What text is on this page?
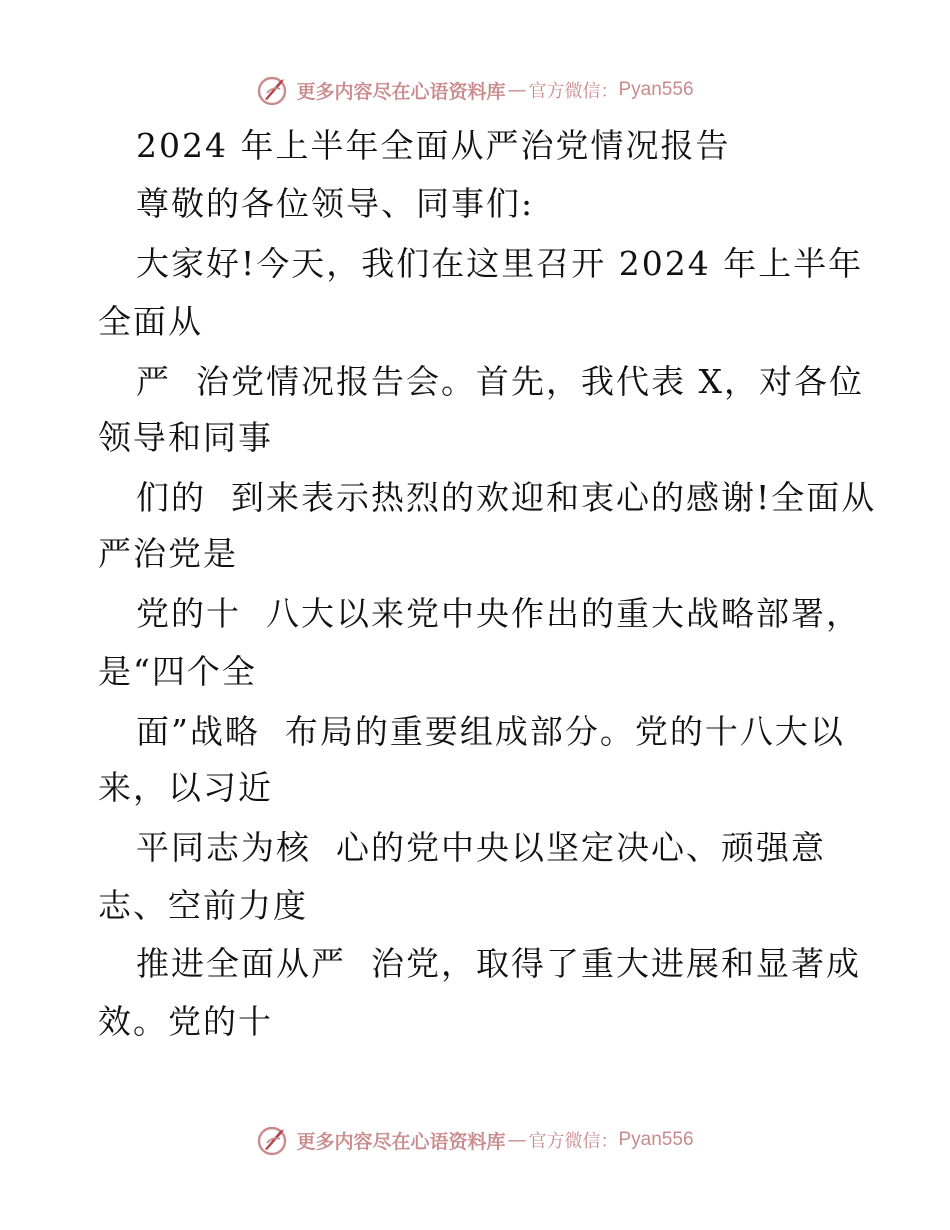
更多内容尽在心语资料库 — 官方微信： Pyan556
2024 年上半年全面从严治党情况报告
尊敬的各位领导、同事们:
大家好!今天，我们在这里召开 2024 年上半年
全面从
严  治党情况报告会。首先，我代表 X，对各位
领导和同事
们的  到来表示热烈的欢迎和衷心的感谢!全面从
严治党是
党的十  八大以来党中央作出的重大战略部署，
是“四个全
面”战略  布局的重要组成部分。党的十八大以
来，以习近
平同志为核  心的党中央以坚定决心、顽强意
志、空前力度
推进全面从严  治党，取得了重大进展和显著成
效。党的十
更多内容尽在心语资料库 — 官方微信： Pyan556
